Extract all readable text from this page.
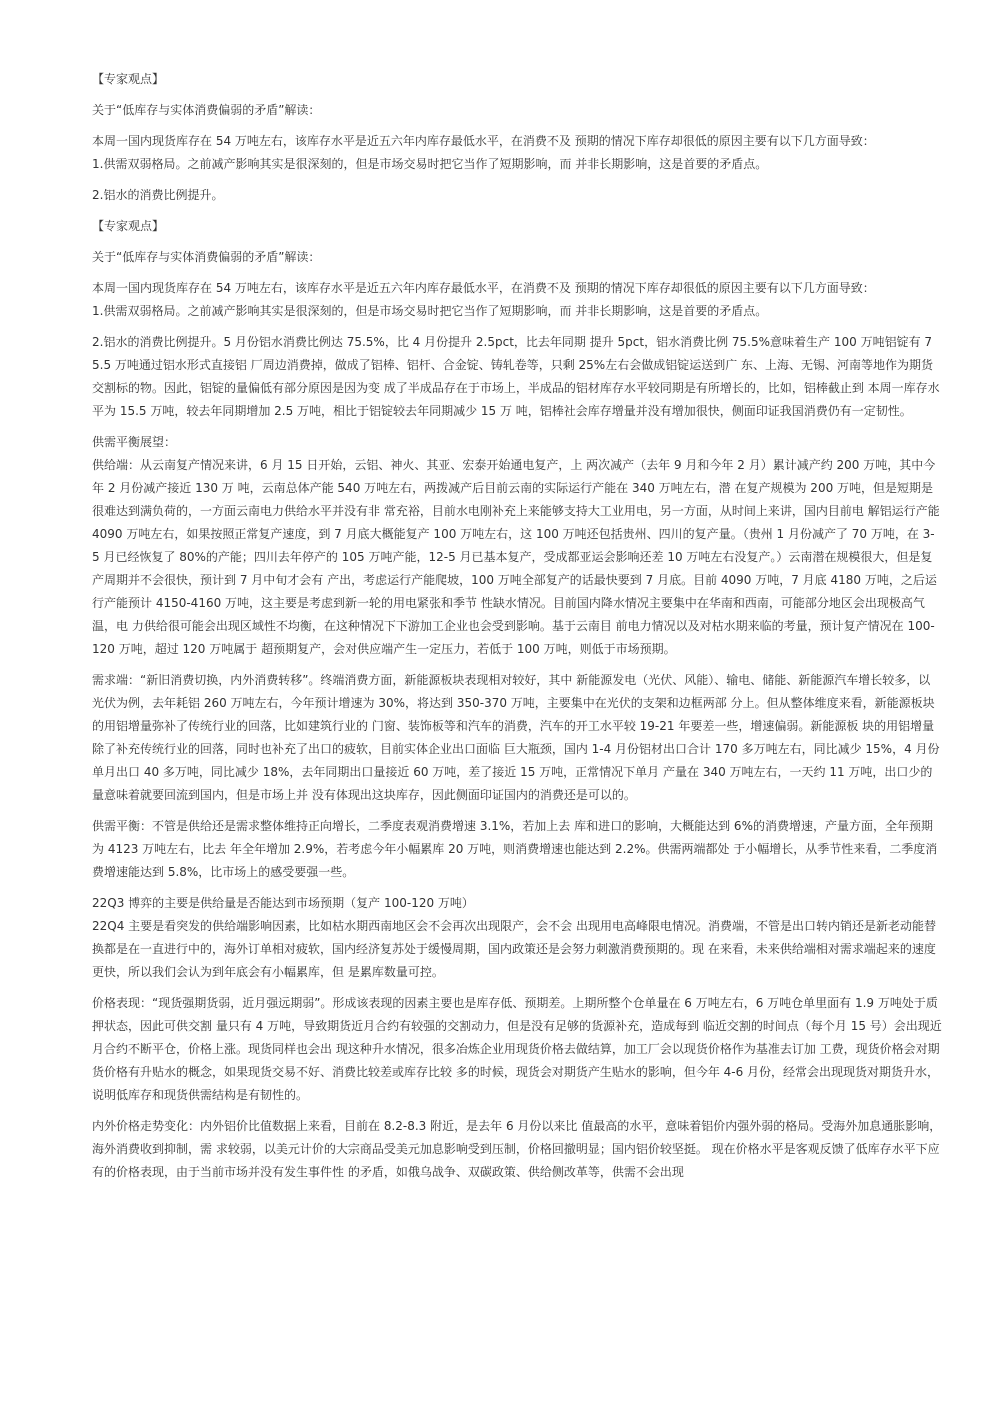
【专家观点】

关于“低库存与实体消费偏弱的矛盾”解读：

本周一国内现货库存在 54 万吨左右，该库存水平是近五六年内库存最低水平，在消费不及 预期的情况下库存却很低的原因主要有以下几方面导致：

1.供需双弱格局。之前减产影响其实是很深刻的，但是市场交易时把它当作了短期影响，而 并非长期影响，这是首要的矛盾点。

2.铝水的消费比例提升。

【专家观点】

关于“低库存与实体消费偏弱的矛盾”解读：

本周一国内现货库存在 54 万吨左右，该库存水平是近五六年内库存最低水平，在消费不及 预期的情况下库存却很低的原因主要有以下几方面导致：

1.供需双弱格局。之前减产影响其实是很深刻的，但是市场交易时把它当作了短期影响，而 并非长期影响，这是首要的矛盾点。

2.铝水的消费比例提升。5 月份铝水消费比例达 75.5%，比 4 月份提升 2.5pct，比去年同期 提升 5pct，铝水消费比例 75.5%意味着生产 100 万吨铝锭有 75.5 万吨通过铝水形式直接铝 厂周边消费掉，做成了铝棒、铝杆、合金锭、铸轧卷等，只剩 25%左右会做成铝锭运送到广 东、上海、无锡、河南等地作为期货交割标的物。因此，铝锭的量偏低有部分原因是因为变 成了半成品存在于市场上，半成品的铝材库存水平较同期是有所增长的，比如，铝棒截止到 本周一库存水平为 15.5 万吨，较去年同期增加 2.5 万吨，相比于铝锭较去年同期减少 15 万 吨，铝棒社会库存增量并没有增加很快，侧面印证我国消费仍有一定韧性。

供需平衡展望：

供给端：从云南复产情况来讲，6 月 15 日开始，云铝、神火、其亚、宏泰开始通电复产，上 两次减产（去年 9 月和今年 2 月）累计减产约 200 万吨，其中今年 2 月份减产接近 130 万 吨，云南总体产能 540 万吨左右，两拨减产后目前云南的实际运行产能在 340 万吨左右，潜 在复产规模为 200 万吨，但是短期是很难达到满负荷的，一方面云南电力供给水平并没有非 常充裕，目前水电刚补充上来能够支持大工业用电，另一方面，从时间上来讲，国内目前电 解铝运行产能 4090 万吨左右，如果按照正常复产速度，到 7 月底大概能复产 100 万吨左右，这 100 万吨还包括贵州、四川的复产量。（贵州 1 月份减产了 70 万吨，在 3-5 月已经恢复了 80%的产能；四川去年停产的 105 万吨产能，12-5 月已基本复产，受成都亚运会影响还差 10 万吨左右没复产。）云南潜在规模很大，但是复产周期并不会很快，预计到 7 月中旬才会有 产出，考虑运行产能爬坡，100 万吨全部复产的话最快要到 7 月底。目前 4090 万吨，7 月底 4180 万吨，之后运行产能预计 4150-4160 万吨，这主要是考虑到新一轮的用电紧张和季节 性缺水情况。目前国内降水情况主要集中在华南和西南，可能部分地区会出现极高气温，电 力供给很可能会出现区域性不均衡，在这种情况下下游加工企业也会受到影响。基于云南目 前电力情况以及对枯水期来临的考量，预计复产情况在 100-120 万吨，超过 120 万吨属于 超预期复产，会对供应端产生一定压力，若低于 100 万吨，则低于市场预期。

需求端：“新旧消费切换，内外消费转移”。终端消费方面，新能源板块表现相对较好，其中 新能源发电（光伏、风能）、输电、储能、新能源汽车增长较多，以光伏为例，去年耗铝 260 万吨左右，今年预计增速为 30%，将达到 350-370 万吨，主要集中在光伏的支架和边框两部 分上。但从整体维度来看，新能源板块的用铝增量弥补了传统行业的回落，比如建筑行业的 门窗、装饰板等和汽车的消费，汽车的开工水平较 19-21 年要差一些，增速偏弱。新能源板 块的用铝增量除了补充传统行业的回落，同时也补充了出口的疲软，目前实体企业出口面临 巨大瓶颈，国内 1-4 月份铝材出口合计 170 多万吨左右，同比减少 15%，4 月份单月出口 40 多万吨，同比减少 18%，去年同期出口量接近 60 万吨，差了接近 15 万吨，正常情况下单月 产量在 340 万吨左右，一天约 11 万吨，出口少的量意味着就要回流到国内，但是市场上并 没有体现出这块库存，因此侧面印证国内的消费还是可以的。

供需平衡：不管是供给还是需求整体维持正向增长，二季度表观消费增速 3.1%，若加上去 库和进口的影响，大概能达到 6%的消费增速，产量方面，全年预期为 4123 万吨左右，比去 年全年增加 2.9%，若考虑今年小幅累库 20 万吨，则消费增速也能达到 2.2%。供需两端都处 于小幅增长，从季节性来看，二季度消费增速能达到 5.8%，比市场上的感受要强一些。

22Q3 博弈的主要是供给量是否能达到市场预期（复产 100-120 万吨）

22Q4 主要是看突发的供给端影响因素，比如枯水期西南地区会不会再次出现限产，会不会 出现用电高峰限电情况。消费端，不管是出口转内销还是新老动能替换都是在一直进行中的，海外订单相对疲软，国内经济复苏处于缓慢周期，国内政策还是会努力刺激消费预期的。现 在来看，未来供给端相对需求端起来的速度更快，所以我们会认为到年底会有小幅累库，但 是累库数量可控。

价格表现：“现货强期货弱，近月强远期弱”。形成该表现的因素主要也是库存低、预期差。上期所整个仓单量在 6 万吨左右，6 万吨仓单里面有 1.9 万吨处于质押状态，因此可供交割 量只有 4 万吨，导致期货近月合约有较强的交割动力，但是没有足够的货源补充，造成每到 临近交割的时间点（每个月 15 号）会出现近月合约不断平仓，价格上涨。现货同样也会出 现这种升水情况，很多冶炼企业用现货价格去做结算，加工厂会以现货价格作为基准去订加 工费，现货价格会对期货价格有升贴水的概念，如果现货交易不好、消费比较差或库存比较 多的时候，现货会对期货产生贴水的影响，但今年 4-6 月份，经常会出现现货对期货升水，说明低库存和现货供需结构是有韧性的。

内外价格走势变化：内外铝价比值数据上来看，目前在 8.2-8.3 附近，是去年 6 月份以来比 值最高的水平，意味着铝价内强外弱的格局。受海外加息通胀影响，海外消费收到抑制，需 求较弱，以美元计价的大宗商品受美元加息影响受到压制，价格回撤明显；国内铝价较坚挺。 现在价格水平是客观反馈了低库存水平下应有的价格表现，由于当前市场并没有发生事件性 的矛盾，如俄乌战争、双碳政策、供给侧改革等，供需不会出现
